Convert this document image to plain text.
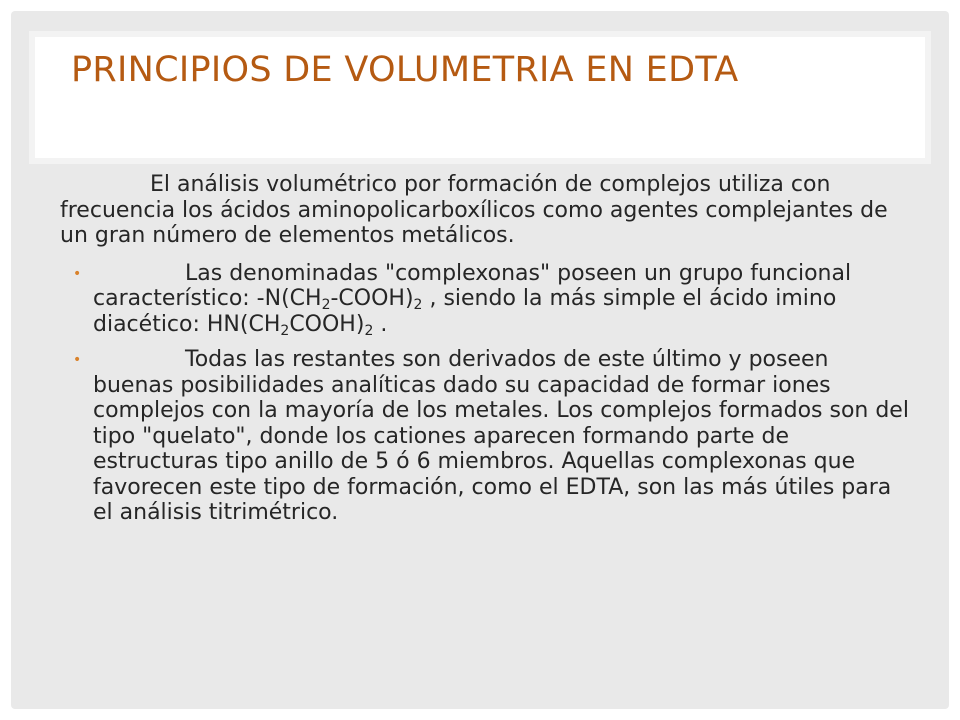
PRINCIPIOS DE VOLUMETRIA EN EDTA

El análisis volumétrico por formación de complejos utiliza con frecuencia los ácidos aminopolicarboxílicos como agentes complejantes de un gran número de elementos metálicos.

•	Las denominadas "complexonas" poseen un grupo funcional característico: $-N(CH_2-COOH)_2$ , siendo la más simple el ácido imino diacético: $HN(CH_2COOH)_2$ .
•	Todas las restantes son derivados de este último y poseen buenas posibilidades analíticas dado su capacidad de formar iones complejos con la mayoría de los metales. Los complejos formados son del tipo "quelato", donde los cationes aparecen formando parte de estructuras tipo anillo de 5 ó 6 miembros. Aquellas complexonas que favorecen este tipo de formación, como el EDTA, son las más útiles para el análisis titrimétrico.
